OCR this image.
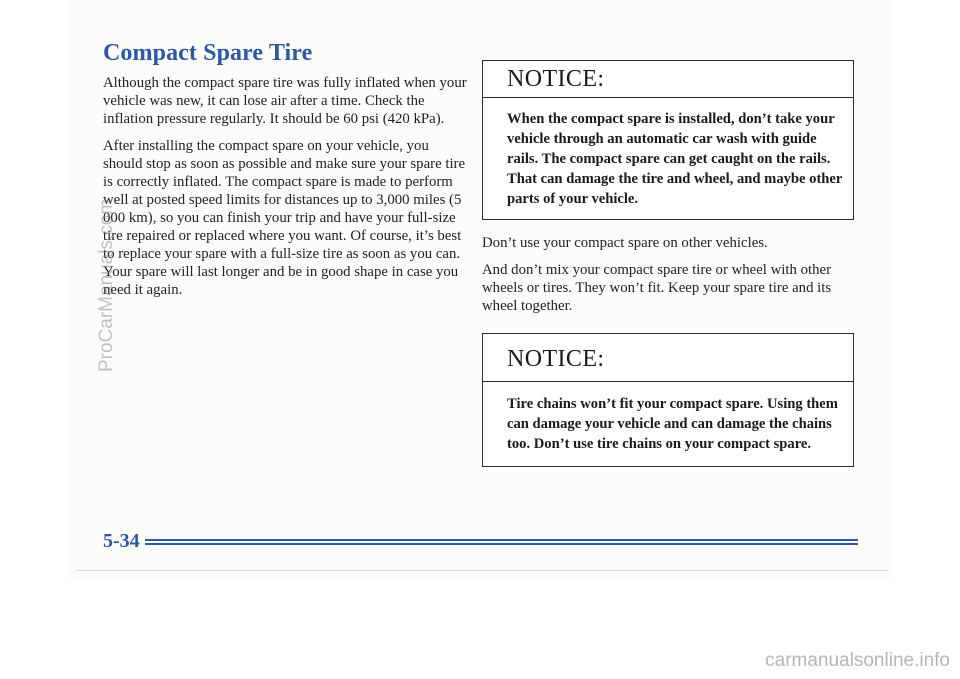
Compact Spare Tire

Although the compact spare tire was fully inflated when your vehicle was new, it can lose air after a time. Check the inflation pressure regularly. It should be 60 psi (420 kPa).

After installing the compact spare on your vehicle, you should stop as soon as possible and make sure your spare tire is correctly inflated. The compact spare is made to perform well at posted speed limits for distances up to 3,000 miles (5 000 km), so you can finish your trip and have your full-size tire repaired or replaced where you want. Of course, it’s best to replace your spare with a full-size tire as soon as you can. Your spare will last longer and be in good shape in case you need it again.

NOTICE:
When the compact spare is installed, don’t take your vehicle through an automatic car wash with guide rails. The compact spare can get caught on the rails. That can damage the tire and wheel, and maybe other parts of your vehicle.

Don’t use your compact spare on other vehicles.

And don’t mix your compact spare tire or wheel with other wheels or tires. They won’t fit. Keep your spare tire and its wheel together.

NOTICE:
Tire chains won’t fit your compact spare. Using them can damage your vehicle and can damage the chains too. Don’t use tire chains on your compact spare.
5-34
ProCarManuals.com
carmanualsonline.info
